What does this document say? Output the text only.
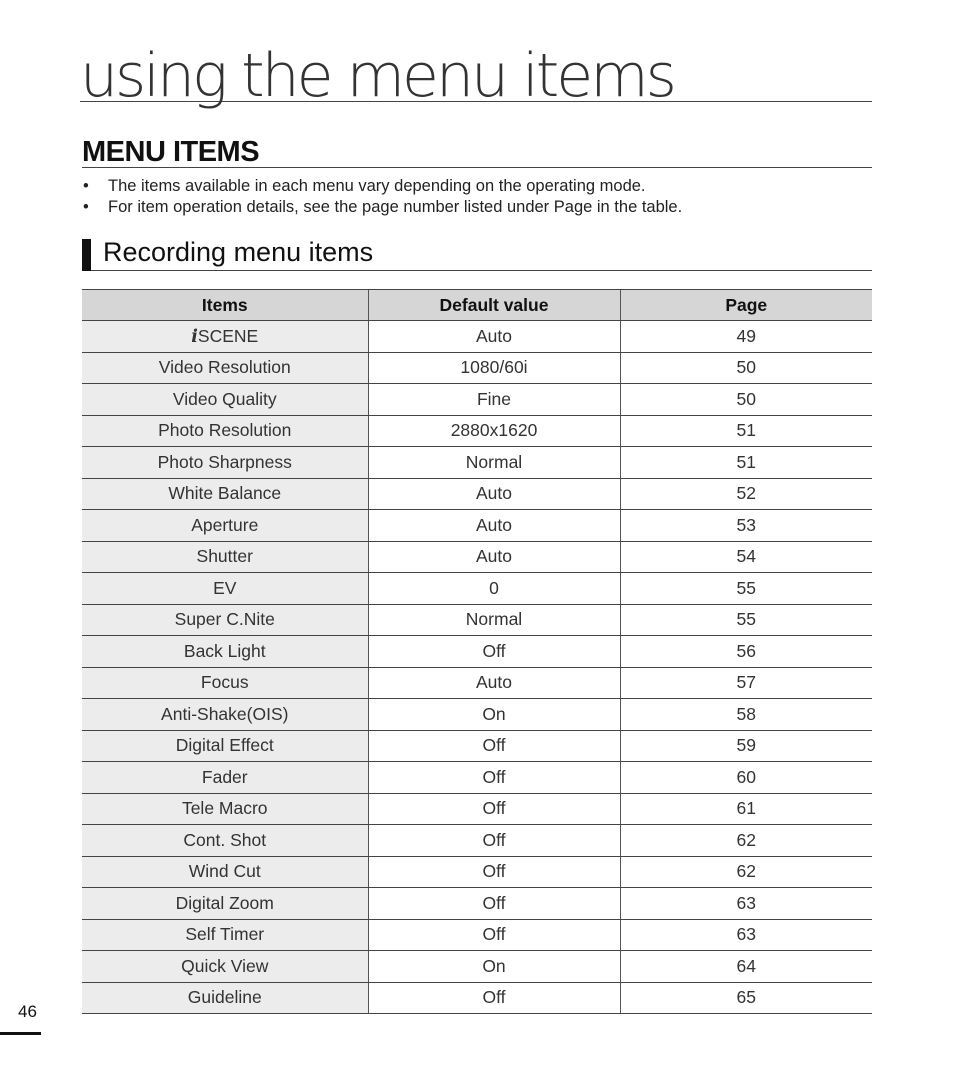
using the menu items
MENU ITEMS
• The items available in each menu vary depending on the operating mode.
• For item operation details, see the page number listed under Page in the table.
Recording menu items
Items	Default value	Page
iSCENE	Auto	49
Video Resolution	1080/60i	50
Video Quality	Fine	50
Photo Resolution	2880x1620	51
Photo Sharpness	Normal	51
White Balance	Auto	52
Aperture	Auto	53
Shutter	Auto	54
EV	0	55
Super C.Nite	Normal	55
Back Light	Off	56
Focus	Auto	57
Anti-Shake(OIS)	On	58
Digital Effect	Off	59
Fader	Off	60
Tele Macro	Off	61
Cont. Shot	Off	62
Wind Cut	Off	62
Digital Zoom	Off	63
Self Timer	Off	63
Quick View	On	64
Guideline	Off	65
46
